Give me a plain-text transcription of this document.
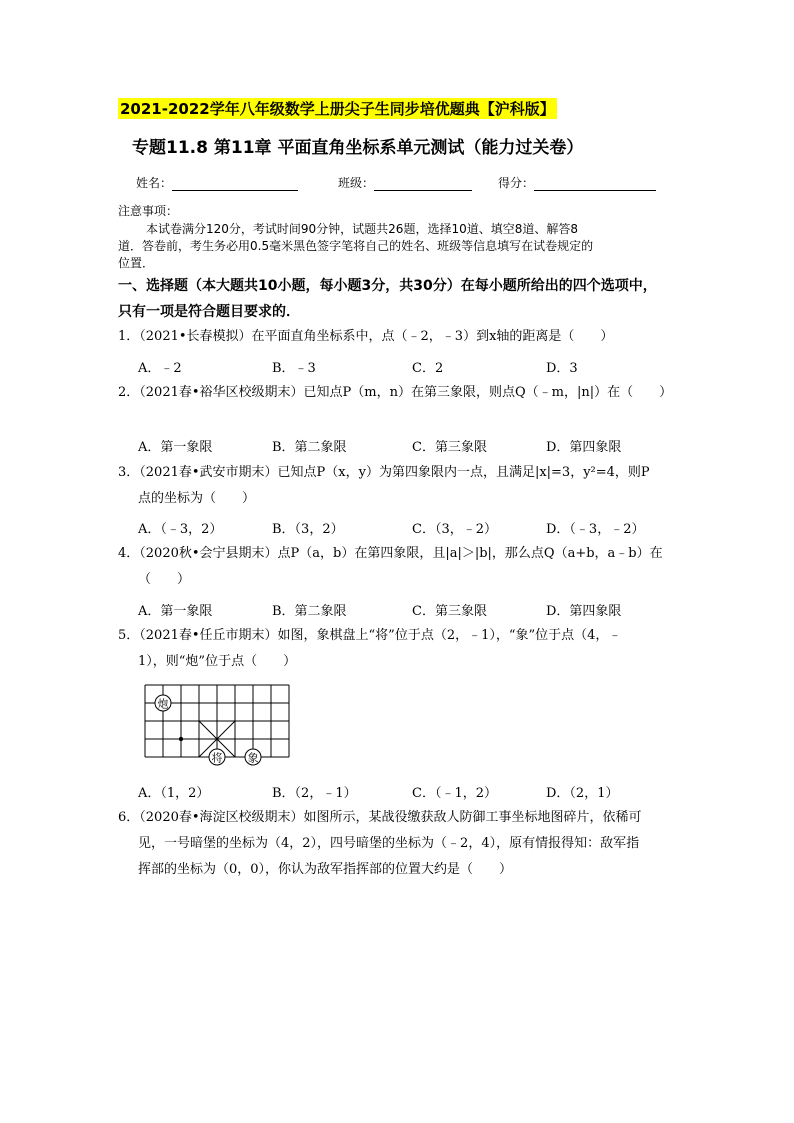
2021-2022学年八年级数学上册尖子生同步培优题典【沪科版】
专题11.8 第11章 平面直角坐标系单元测试（能力过关卷）
姓名：	班级：	得分：
注意事项：
本试卷满分120分，考试时间90分钟，试题共26题，选择10道、填空8道、解答8
道．答卷前，考生务必用0.5毫米黑色签字笔将自己的姓名、班级等信息填写在试卷规定的
位置．
一、选择题（本大题共10小题，每小题3分，共30分）在每小题所给出的四个选项中，
只有一项是符合题目要求的．
1．（2021•长春模拟）在平面直角坐标系中，点（﹣2，﹣3）到x轴的距离是（　　）
A．﹣2	B．﹣3	C．2	D．3
2．（2021春•裕华区校级期末）已知点P（m，n）在第三象限，则点Q（﹣m，|n|）在（　　）
A．第一象限	B．第二象限	C．第三象限	D．第四象限
3．（2021春•武安市期末）已知点P（x，y）为第四象限内一点，且满足|x|=3，y²=4，则P
点的坐标为（　　）
A．（﹣3，2）	B．（3，2）	C．（3，﹣2）	D．（﹣3，﹣2）
4．（2020秋•会宁县期末）点P（a，b）在第四象限，且|a|＞|b|，那么点Q（a+b，a﹣b）在
（　　）
A．第一象限	B．第二象限	C．第三象限	D．第四象限
5．（2021春•任丘市期末）如图，象棋盘上“将”位于点（2，﹣1），“象”位于点（4，﹣
1），则“炮”位于点（　　）
炮
将 象
A．（1，2）	B．（2，﹣1）	C．（﹣1，2）	D．（2，1）
6．（2020春•海淀区校级期末）如图所示，某战役缴获敌人防御工事坐标地图碎片，依稀可
见，一号暗堡的坐标为（4，2），四号暗堡的坐标为（﹣2，4），原有情报得知：敌军指
挥部的坐标为（0，0），你认为敌军指挥部的位置大约是（　　）
